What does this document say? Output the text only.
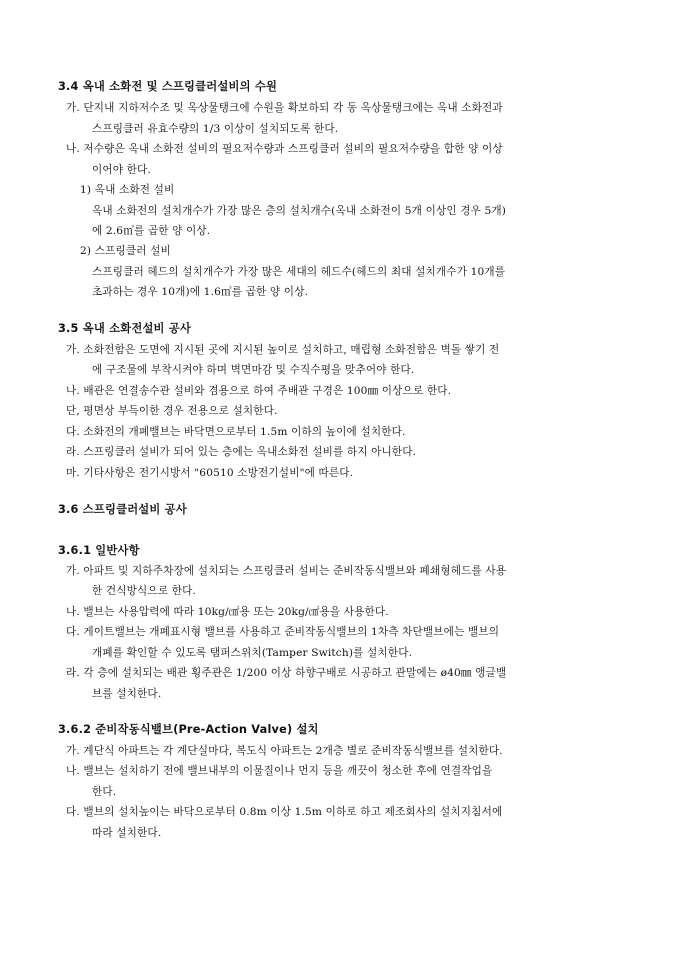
3.4 옥내 소화전 및 스프링클러설비의 수원
가. 단지내 지하저수조 및 옥상물탱크에 수원을 확보하되 각 동 옥상물탱크에는 옥내 소화전과
스프링클러 유효수량의 1/3 이상이 설치되도록 한다.
나. 저수량은 옥내 소화전 설비의 필요저수량과 스프링클러 설비의 필요저수량을 합한 양 이상
이어야 한다.
1) 옥내 소화전 설비
옥내 소화전의 설치개수가 가장 많은 층의 설치개수(옥내 소화전이 5개 이상인 경우 5개)
에 2.6㎥를 곱한 양 이상.
2) 스프링클러 설비
스프링클러 헤드의 설치개수가 가장 많은 세대의 헤드수(헤드의 최대 설치개수가 10개를
초과하는 경우 10개)에 1.6㎥를 곱한 양 이상.
3.5 옥내 소화전설비 공사
가. 소화전함은 도면에 지시된 곳에 지시된 높이로 설치하고, 매립형 소화전함은 벽돌 쌓기 전
에 구조물에 부착시켜야 하며 벽면마감 및 수직수평을 맞추어야 한다.
나. 배관은 연결송수관 설비와 겸용으로 하여 주배관 구경은 100㎜ 이상으로 한다.
단, 평면상 부득이한 경우 전용으로 설치한다.
다. 소화전의 개폐밸브는 바닥면으로부터 1.5m 이하의 높이에 설치한다.
라. 스프링클러 설비가 되어 있는 층에는 옥내소화전 설비를 하지 아니한다.
마. 기타사항은 전기시방서 "60510 소방전기설비"에 따른다.
3.6 스프링클러설비 공사
3.6.1 일반사항
가. 아파트 및 지하주차장에 설치되는 스프링클러 설비는 준비작동식밸브와 폐쇄형헤드를 사용
한 건식방식으로 한다.
나. 밸브는 사용압력에 따라 10kg/㎠용 또는 20kg/㎠용을 사용한다.
다. 게이트밸브는 개폐표시형 밸브를 사용하고 준비작동식밸브의 1차측 차단밸브에는 밸브의
개폐를 확인할 수 있도록 탬퍼스위치(Tamper Switch)를 설치한다.
라. 각 층에 설치되는 배관 횡주관은 1/200 이상 하향구배로 시공하고 관말에는 ø40㎜ 앵글밸
브를 설치한다.
3.6.2 준비작동식밸브(Pre-Action Valve) 설치
가. 계단식 아파트는 각 계단실마다, 복도식 아파트는 2개층 별로 준비작동식밸브를 설치한다.
나. 밸브는 설치하기 전에 밸브내부의 이물질이나 먼지 등을 깨끗이 청소한 후에 연결작업을
한다.
다. 밸브의 설치높이는 바닥으로부터 0.8m 이상 1.5m 이하로 하고 제조회사의 설치지침서에
따라 설치한다.
